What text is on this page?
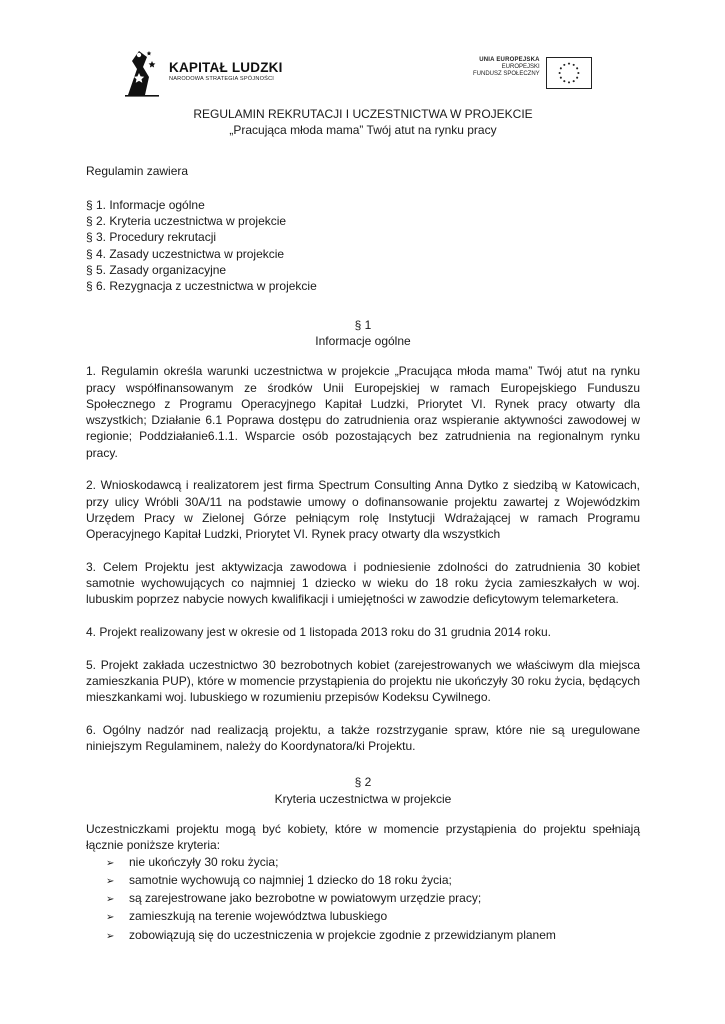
KAPITAŁ LUDZKI
NARODOWA STRATEGIA SPÓJNOŚCI
UNIA EUROPEJSKA
EUROPEJSKI
FUNDUSZ SPOŁECZNY
REGULAMIN REKRUTACJI I UCZESTNICTWA W PROJEKCIE
„Pracująca młoda mama” Twój atut na rynku pracy
Regulamin zawiera
§ 1. Informacje ogólne
§ 2. Kryteria uczestnictwa w projekcie
§ 3. Procedury rekrutacji
§ 4. Zasady uczestnictwa w projekcie
§ 5. Zasady organizacyjne
§ 6. Rezygnacja z uczestnictwa w projekcie
§ 1
Informacje ogólne

1. Regulamin określa warunki uczestnictwa w projekcie „Pracująca młoda mama” Twój atut na rynku pracy współfinansowanym ze środków Unii Europejskiej w ramach Europejskiego Funduszu Społecznego z Programu Operacyjnego Kapitał Ludzki, Priorytet VI. Rynek pracy otwarty dla wszystkich; Działanie 6.1 Poprawa dostępu do zatrudnienia oraz wspieranie aktywności zawodowej w regionie; Poddziałanie6.1.1. Wsparcie osób pozostających bez zatrudnienia na regionalnym rynku pracy.

2. Wnioskodawcą i realizatorem jest firma Spectrum Consulting Anna Dytko z siedzibą w Katowicach, przy ulicy Wróbli 30A/11 na podstawie umowy o dofinansowanie projektu zawartej z Wojewódzkim Urzędem Pracy w Zielonej Górze pełniącym rolę Instytucji Wdrażającej w ramach Programu Operacyjnego Kapitał Ludzki, Priorytet VI. Rynek pracy otwarty dla wszystkich

3. Celem Projektu jest aktywizacja zawodowa i podniesienie zdolności do zatrudnienia 30 kobiet samotnie wychowujących co najmniej 1 dziecko w wieku do 18 roku życia zamieszkałych w woj. lubuskim poprzez nabycie nowych kwalifikacji i umiejętności w zawodzie deficytowym telemarketera.

4. Projekt realizowany jest w okresie od 1 listopada 2013 roku do 31 grudnia 2014 roku.

5. Projekt zakłada uczestnictwo 30 bezrobotnych kobiet (zarejestrowanych we właściwym dla miejsca zamieszkania PUP), które w momencie przystąpienia do projektu nie ukończyły 30 roku życia, będących mieszkankami woj. lubuskiego w rozumieniu przepisów Kodeksu Cywilnego.

6. Ogólny nadzór nad realizacją projektu, a także rozstrzyganie spraw, które nie są uregulowane niniejszym Regulaminem, należy do Koordynatora/ki Projektu.

§ 2
Kryteria uczestnictwa w projekcie

Uczestniczkami projektu mogą być kobiety, które w momencie przystąpienia do projektu spełniają łącznie poniższe kryteria:

➢	nie ukończyły 30 roku życia;
➢	samotnie wychowują co najmniej 1 dziecko do 18 roku życia;
➢	są zarejestrowane jako bezrobotne w powiatowym urzędzie pracy;
➢	zamieszkują na terenie województwa lubuskiego
➢	zobowiązują się do uczestniczenia w projekcie zgodnie z przewidzianym planem
